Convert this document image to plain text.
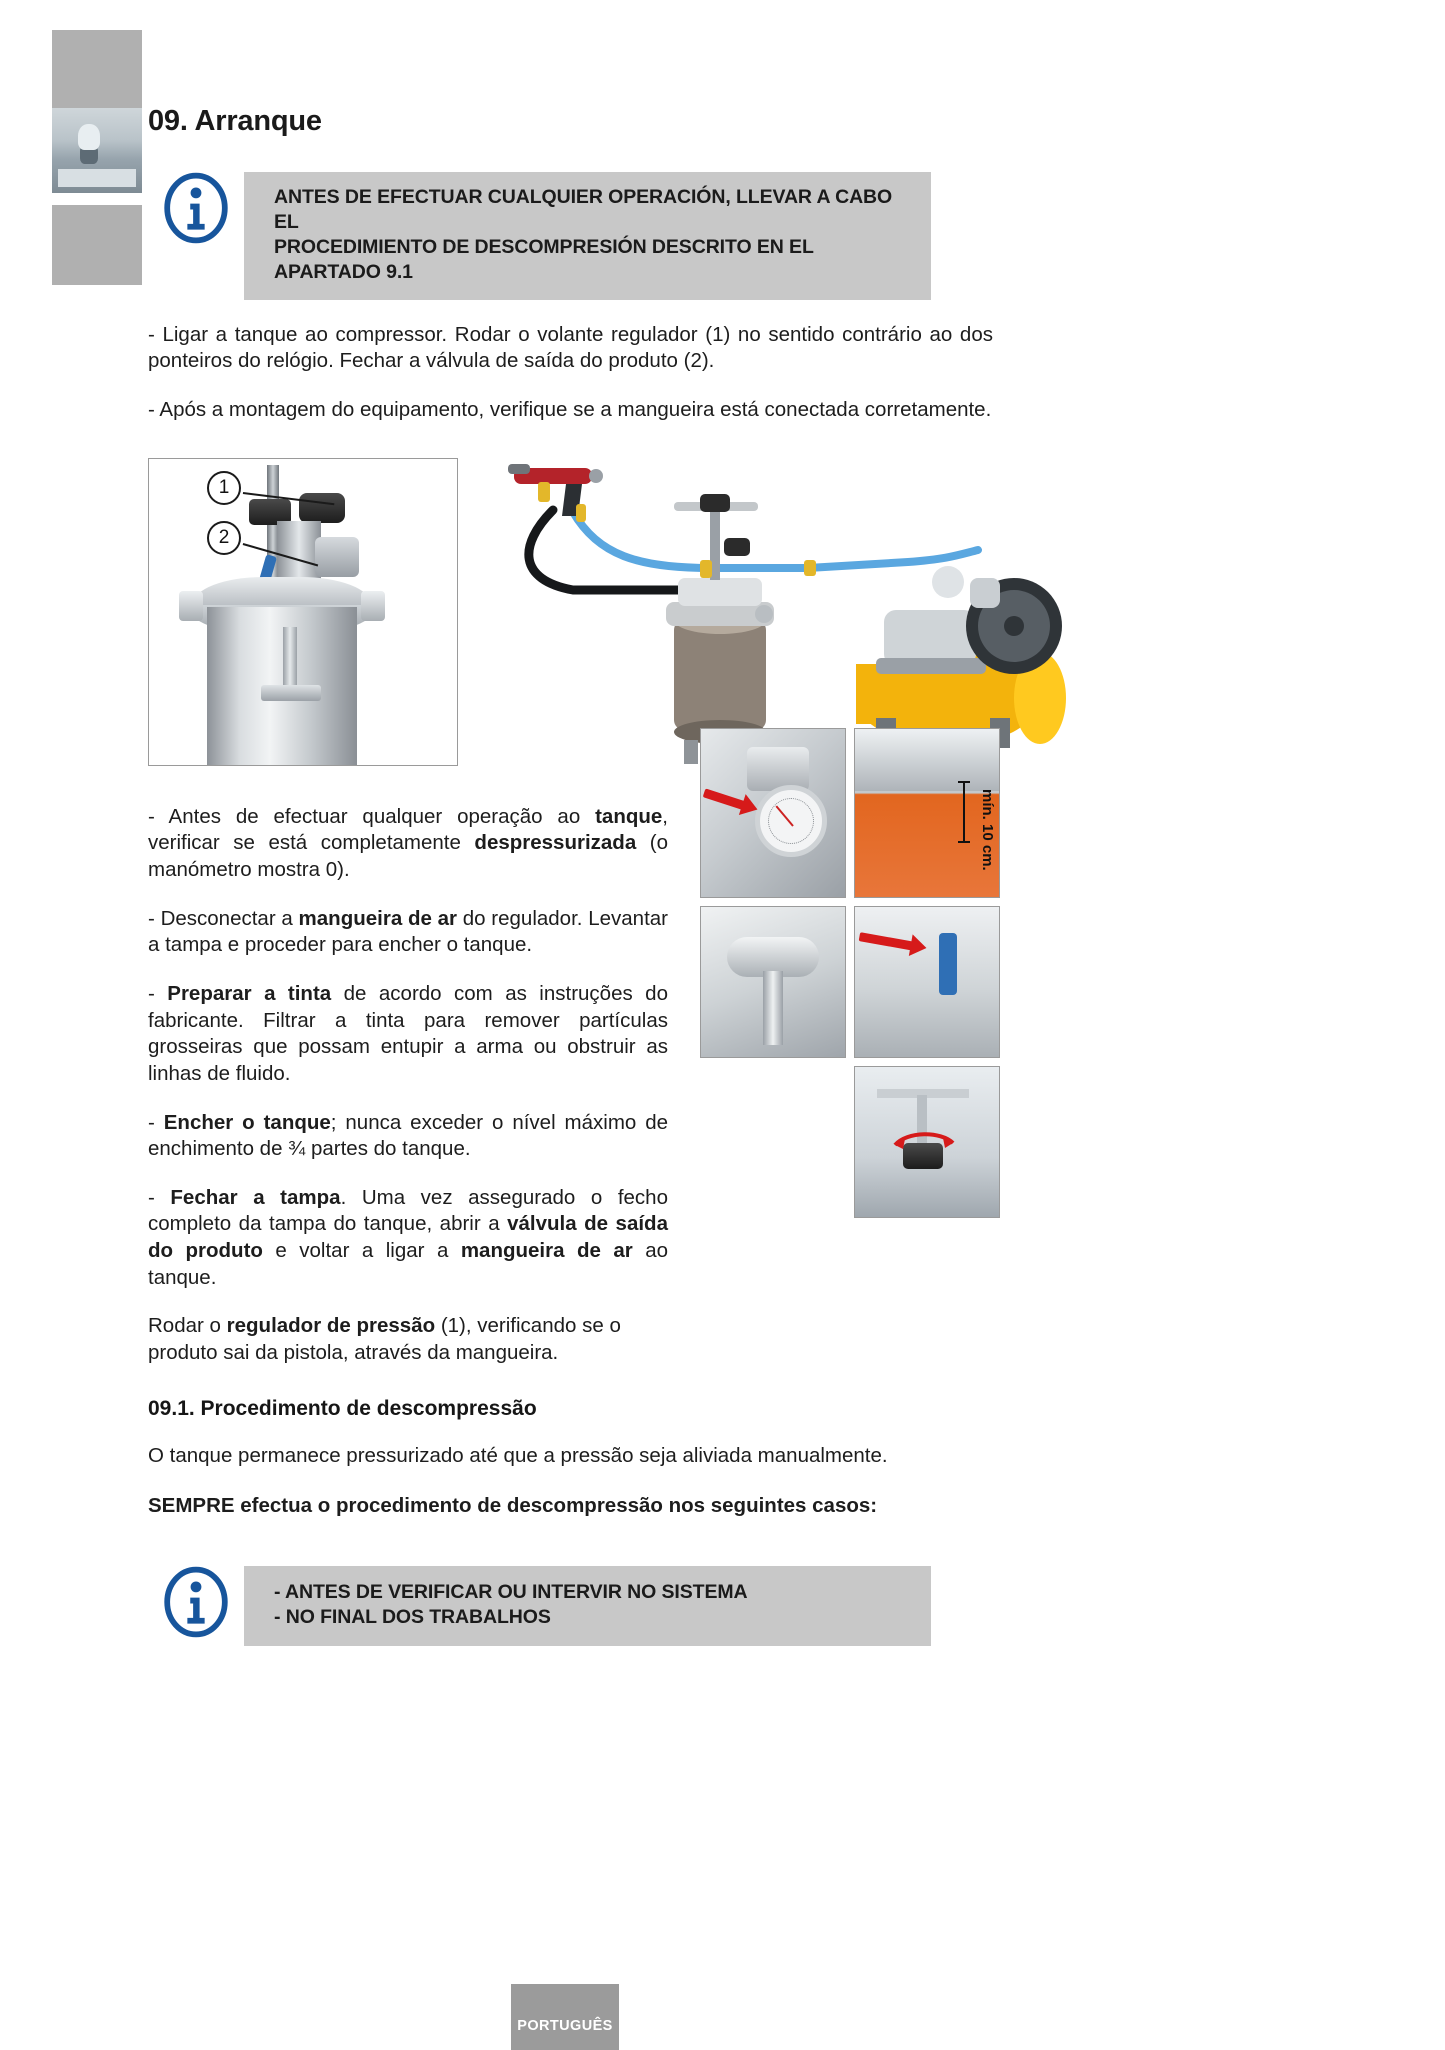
09. Arranque
ANTES DE EFECTUAR CUALQUIER OPERACIÓN, LLEVAR A CABO EL
PROCEDIMIENTO DE DESCOMPRESIÓN DESCRITO EN EL APARTADO 9.1

- Ligar a tanque ao compressor. Rodar o volante regulador (1) no sentido contrário ao dos ponteiros do relógio. Fechar a válvula de saída do produto (2).

- Após a montagem do equipamento, verifique se a mangueira está conectada corretamente.

1
2

- Antes de efectuar qualquer operação ao tanque, verificar se está completamente despressurizada (o manómetro mostra 0).

- Desconectar a mangueira de ar do regulador. Levantar a tampa e proceder para encher o tanque.

- Preparar a tinta de acordo com as instruções do fabricante. Filtrar a tinta para remover partículas grosseiras que possam entupir a arma ou obstruir as linhas de fluido.

- Encher o tanque; nunca exceder o nível máximo de enchimento de ¾ partes do tanque.

- Fechar a tampa. Uma vez assegurado o fecho completo da tampa do tanque, abrir a válvula de saída do produto e voltar a ligar a mangueira de ar ao tanque.

Rodar o regulador de pressão (1), verificando se o produto sai da pistola, através da mangueira.

09.1. Procedimento de descompressão

O tanque permanece pressurizado até que a pressão seja aliviada manualmente.

SEMPRE efectua o procedimento de descompressão nos seguintes casos:

- ANTES DE VERIFICAR OU INTERVIR NO SISTEMA
- NO FINAL DOS TRABALHOS
mín. 10 cm.
PORTUGUÊS
